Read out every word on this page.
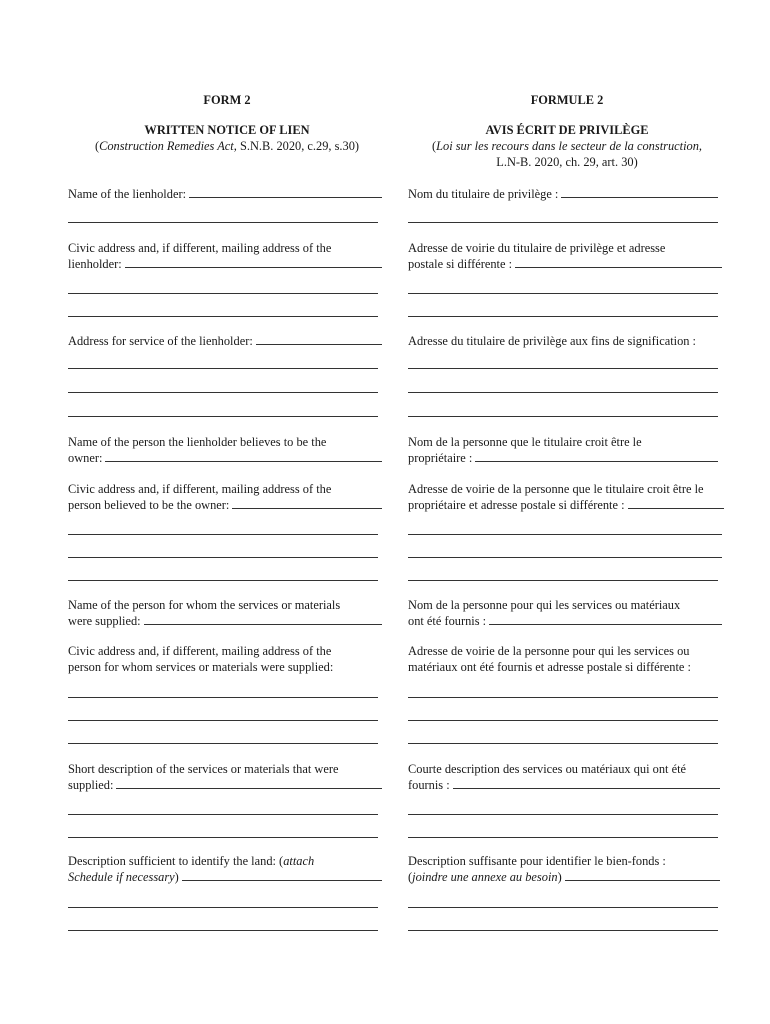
FORM 2
WRITTEN NOTICE OF LIEN
(Construction Remedies Act, S.N.B. 2020, c.29, s.30)
Name of the lienholder:
Civic address and, if different, mailing address of the
lienholder:
Address for service of the lienholder:
Name of the person the lienholder believes to be the
owner:
Civic address and, if different, mailing address of the
person believed to be the owner:
Name of the person for whom the services or materials
were supplied:
Civic address and, if different, mailing address of the
person for whom services or materials were supplied:
Short description of the services or materials that were
supplied:
Description sufficient to identify the land: (attach
Schedule if necessary )
FORMULE 2
AVIS ÉCRIT DE PRIVILÈGE
(Loi sur les recours dans le secteur de la construction,
L.N-B. 2020, ch. 29, art. 30)
Nom du titulaire de privilège :
Adresse de voirie du titulaire de privilège et adresse
postale si différente :
Adresse du titulaire de privilège aux fins de signification :
Nom de la personne que le titulaire croit être le
propriétaire :
Adresse de voirie de la personne que le titulaire croit être le
propriétaire et adresse postale si différente :
Nom de la personne pour qui les services ou matériaux
ont été fournis :
Adresse de voirie de la personne pour qui les services ou
matériaux ont été fournis et adresse postale si différente :
Courte description des services ou matériaux qui ont été
fournis :
Description suffisante pour identifier le bien-fonds :
( joindre une annexe au besoin )
